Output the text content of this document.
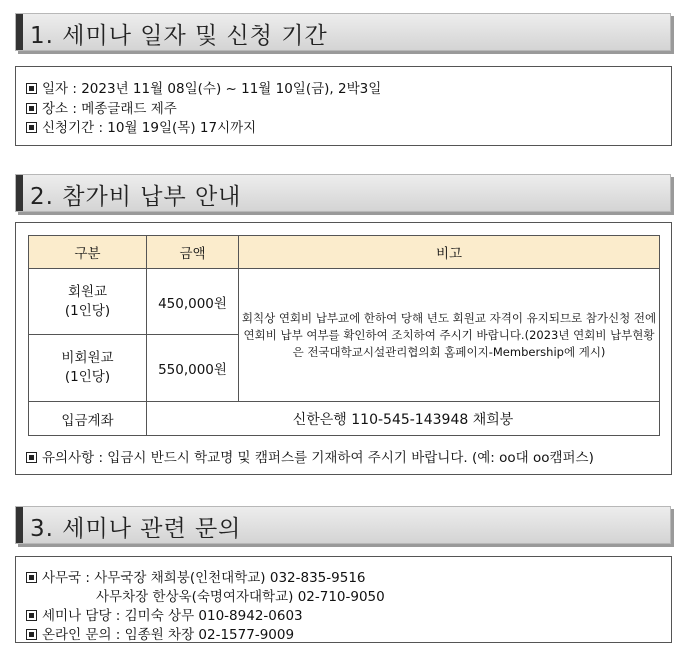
1. 세미나 일자 및 신청 기간
일자 : 2023년 11월 08일(수) ~ 11월 10일(금), 2박3일
장소 : 메종글래드 제주
신청기간 : 10월 19일(목) 17시까지
2. 참가비 납부 안내
구분	금액	비고
회원교
(1인당)	450,000원	회칙상 연회비 납부교에 한하여 당해 년도 회원교 자격이 유지되므로 참가신청 전에 연회비 납부 여부를 확인하여 조치하여 주시기 바랍니다.(2023년 연회비 납부현황은 전국대학교시설관리협의회 홈페이지-Membership에 게시)
비회원교
(1인당)	550,000원	
입금계좌	신한은행 110-545-143948 채희붕	
유의사항 : 입금시 반드시 학교명 및 캠퍼스를 기재하여 주시기 바랍니다. (예: oo대 oo캠퍼스)
3. 세미나 관련 문의
사무국 : 사무국장 채희붕(인천대학교) 032-835-9516
사무차장 한상욱(숙명여자대학교) 02-710-9050
세미나 담당 : 김미숙 상무 010-8942-0603
온라인 문의 : 임종원 차장 02-1577-9009
